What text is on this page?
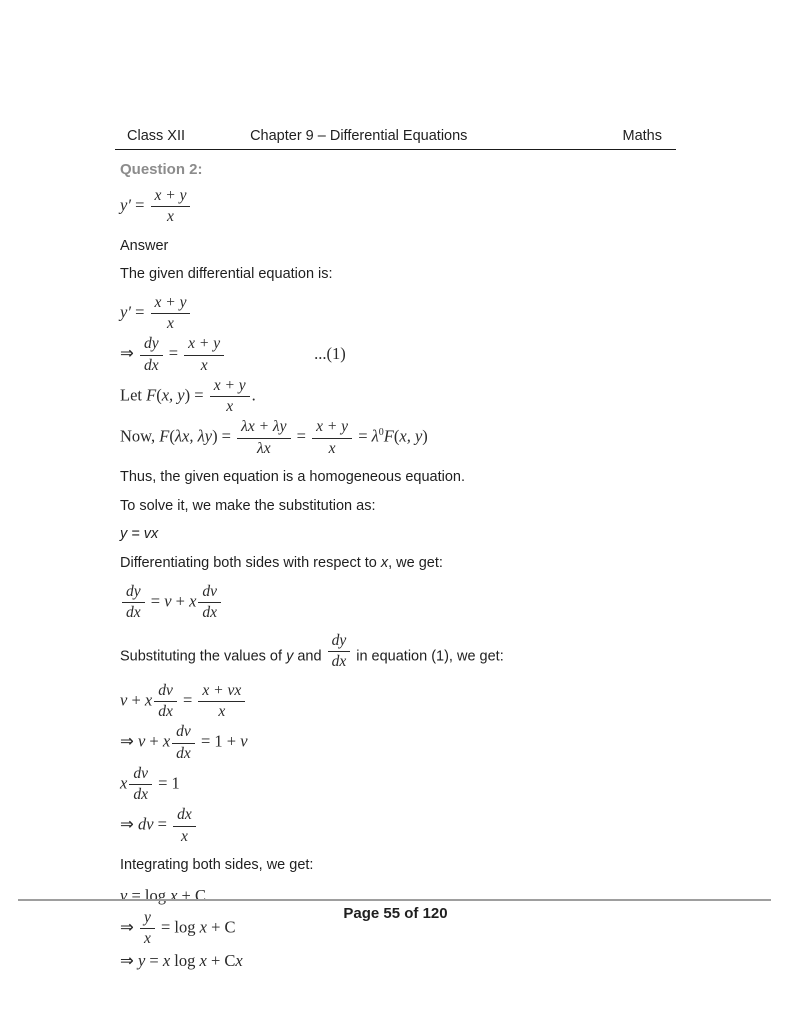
Class XII	Chapter 9 – Differential Equations	Maths
Question 2:
$y' = \frac{x + y}{x}$
Answer
The given differential equation is:
$y' = \frac{x + y}{x}$
⇒ $\frac{dy}{dx} = \frac{x + y}{x}$	...(1)
Let F(x, $y) = \frac{x + y}{x}$ .
Now, F(λx, $\lambda y) = \frac{\lambda x + \lambda y}{\lambda x} = \frac{x + y}{x} = \lambda^0F(x$, y)
Thus, the given equation is a homogeneous equation.
To solve it, we make the substitution as:
y = vx
Differentiating both sides with respect to x, we get:
$\frac{dy}{dx} = v + x \frac{dv}{dx}$
Substituting the values of y and $\frac{dy}{dx}$ in equation (1), we get:
v + x $\frac{dv}{dx} = \frac{x + vx}{x}$
⇒ v + x $\frac{dv}{dx} = 1 + v$
x $\frac{dv}{dx} = 1$
⇒ dv = $\frac{dx}{x}$
Integrating both sides, we get:
v = log x + C
⇒ $\frac{y}{x} = \log x + C$
⇒ y = x log x + Cx
Page 55 of 120
